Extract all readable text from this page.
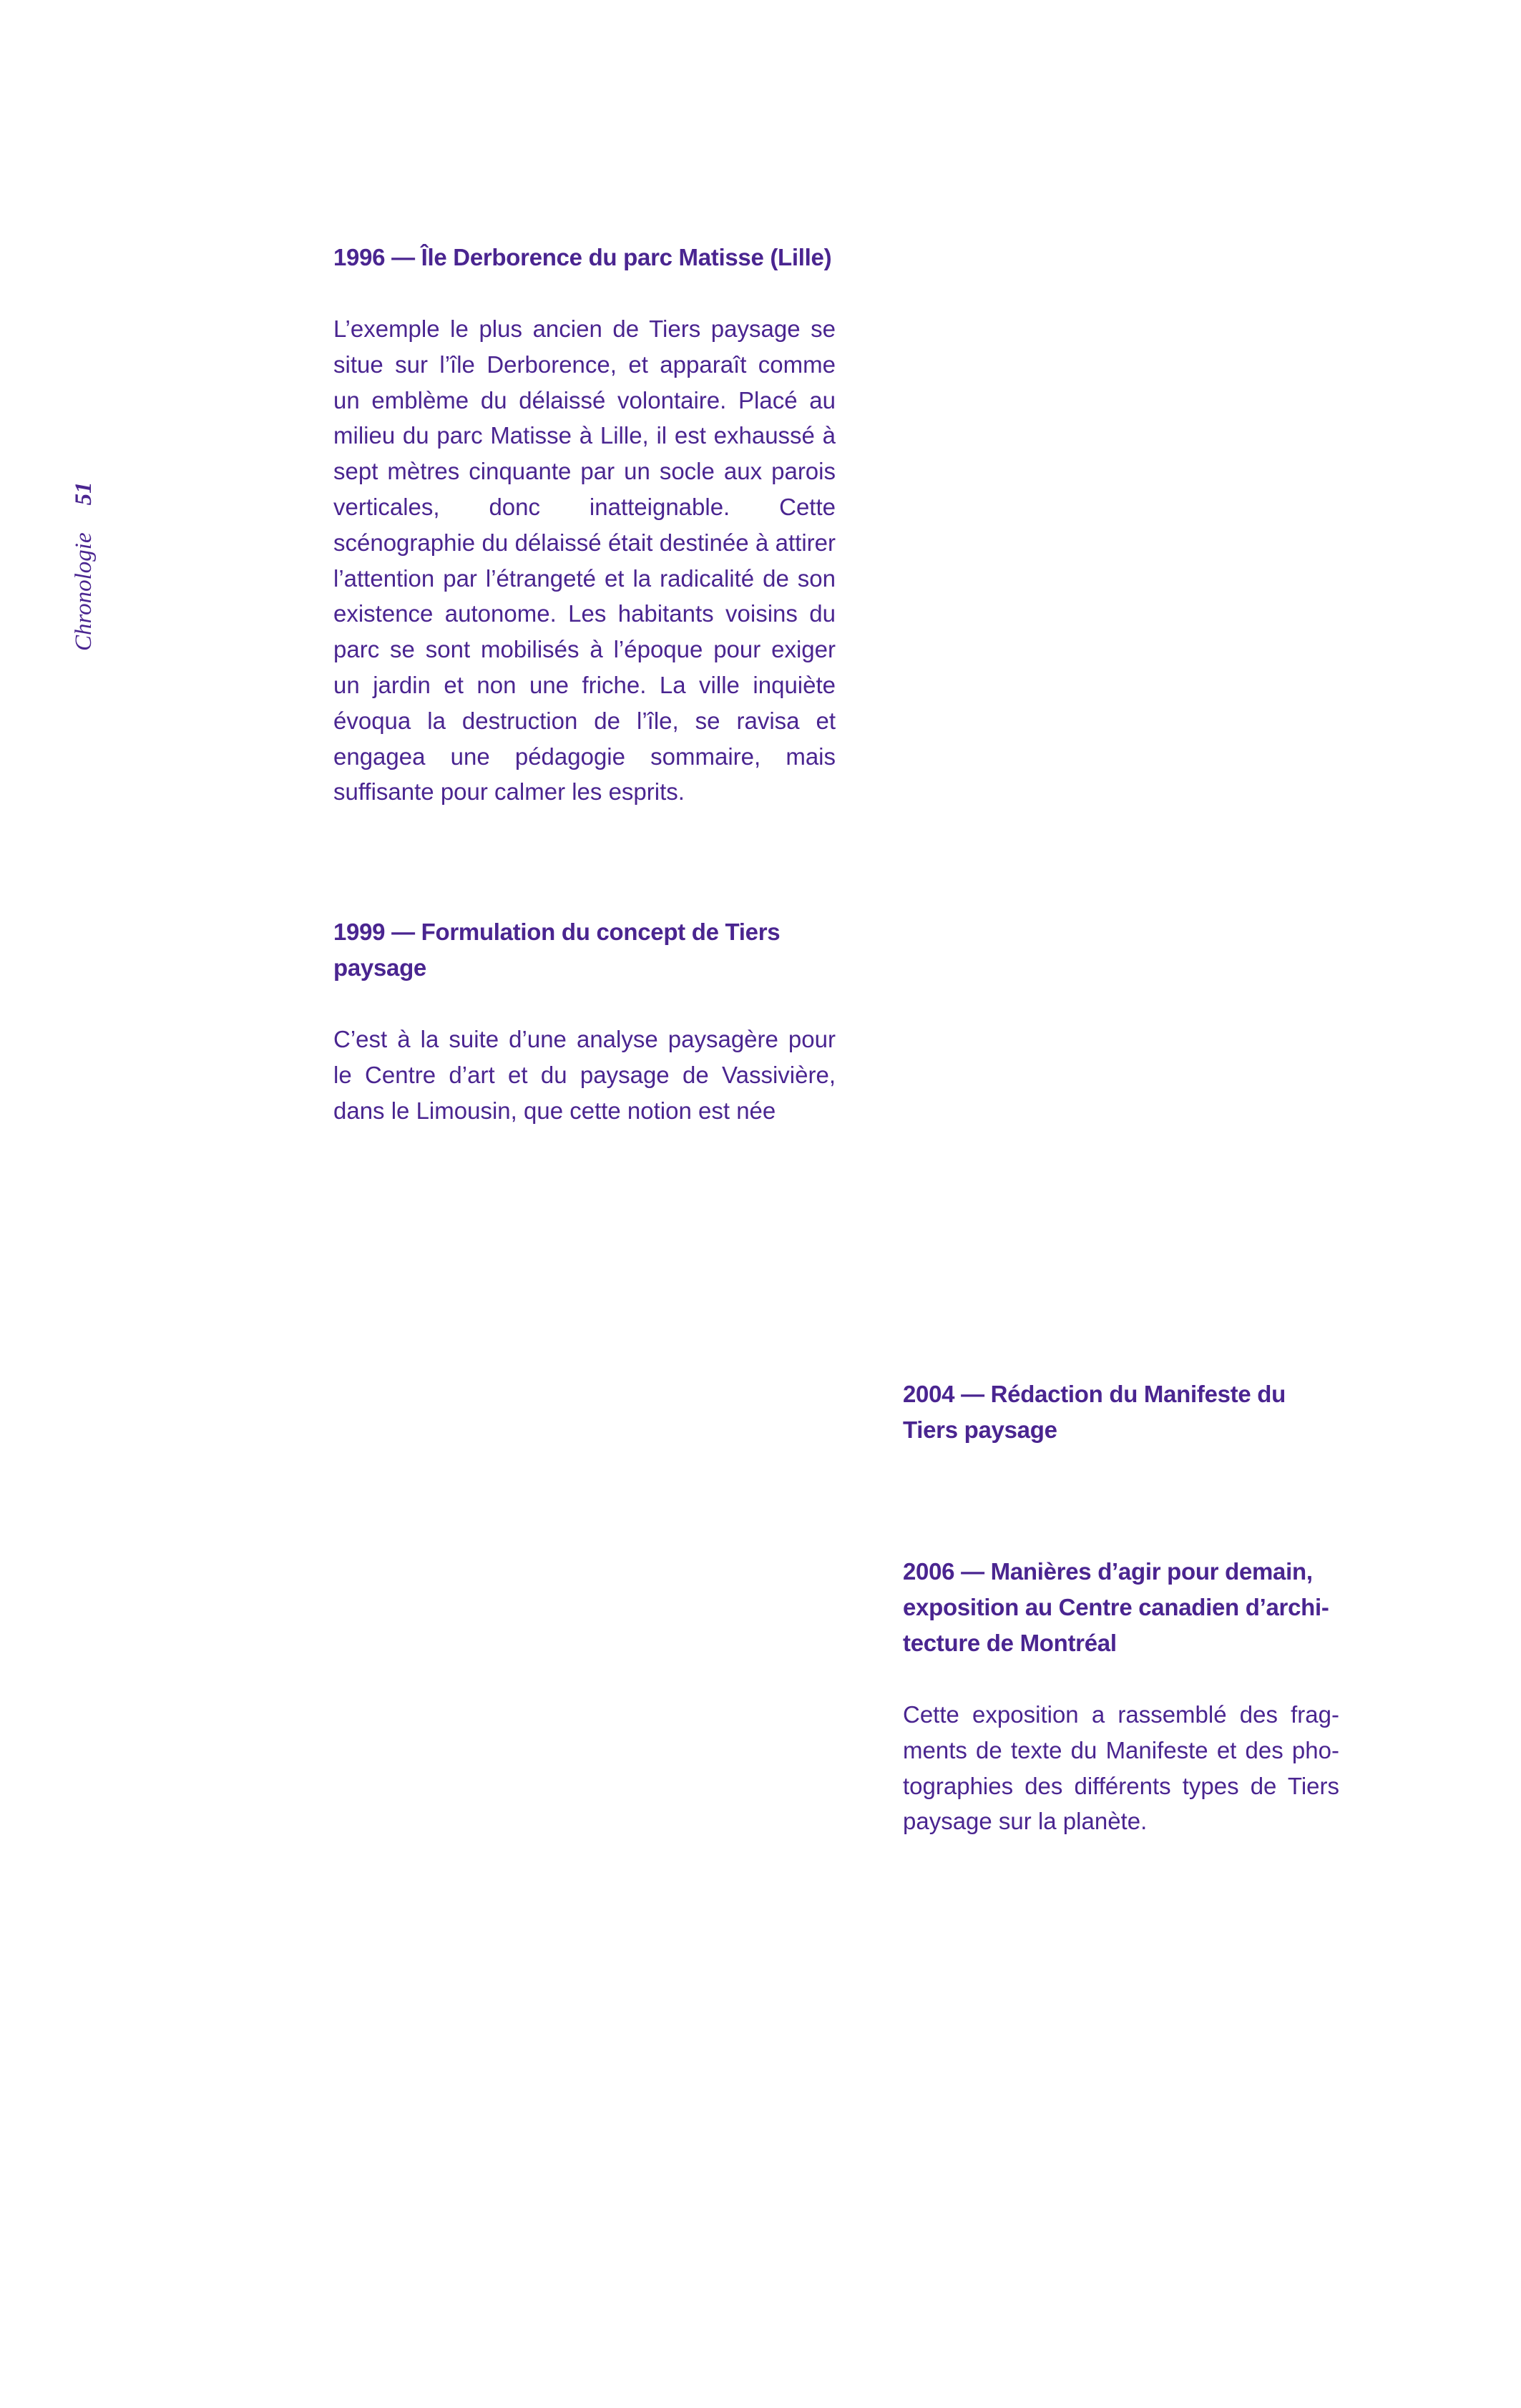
Chronologie51
1996 — Île Derborence du parc Matisse (Lille)

L’exemple le plus ancien de Tiers paysage se situe sur l’île Derborence, et apparaît comme un emblème du délaissé volontaire. Placé au milieu du parc Matisse à Lille, il est exhaussé à sept mètres cinquante par un socle aux parois verticales, donc inatteignable. Cette scénographie du délaissé était destinée à attirer l’attention par l’étrangeté et la radicalité de son existence autonome. Les habitants voisins du parc se sont mobilisés à l’époque pour exiger un jardin et non une friche. La ville inquiète évoqua la destruction de l’île, se ravisa et engagea une pédagogie sommaire, mais suffisante pour calmer les esprits.

1999 — Formulation du concept de Tiers paysage

C’est à la suite d’une analyse paysagère pour le Centre d’art et du paysage de Vassivière, dans le Limousin, que cette notion est née

2004 — Rédaction du Manifeste du Tiers paysage
2006 — Manières d’agir pour demain, exposition au Centre canadien d’architecture de Montréal

Cette exposition a rassemblé des fragments de texte du Manifeste et des photographies des différents types de Tiers paysage sur la planète.
